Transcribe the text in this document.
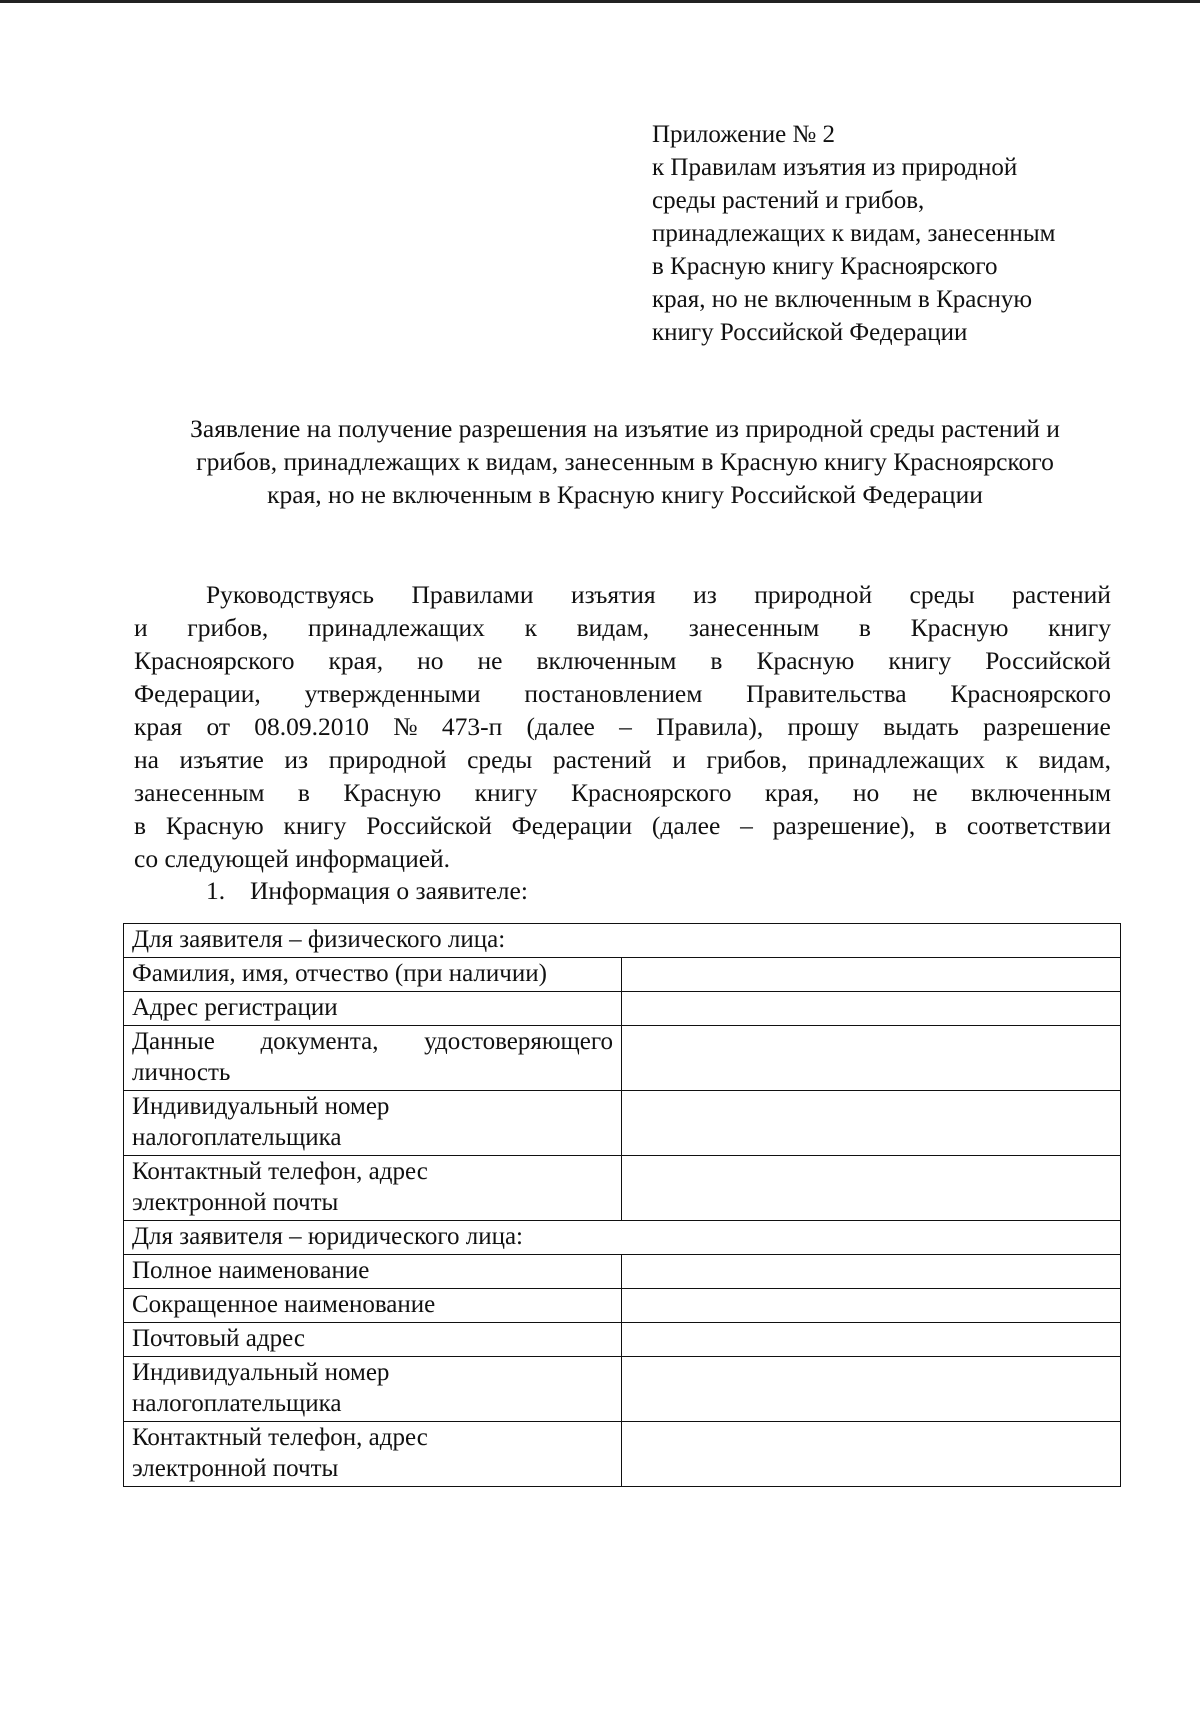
Приложение № 2
к Правилам изъятия из природной
среды растений и грибов,
принадлежащих к видам, занесенным
в Красную книгу Красноярского
края, но не включенным в Красную
книгу Российской Федерации
Заявление на получение разрешения на изъятие из природной среды растений и
грибов, принадлежащих к видам, занесенным в Красную книгу Красноярского
края, но не включенным в Красную книгу Российской Федерации
Руководствуясь Правилами изъятия из природной среды растений
и грибов, принадлежащих к видам, занесенным в Красную книгу
Красноярского края, но не включенным в Красную книгу Российской
Федерации, утвержденными постановлением Правительства Красноярского
края от 08.09.2010 № 473-п (далее – Правила), прошу выдать разрешение
на изъятие из природной среды растений и грибов, принадлежащих к видам,
занесенным в Красную книгу Красноярского края, но не включенным
в Красную книгу Российской Федерации (далее – разрешение), в соответствии
со следующей информацией.
1. Информация о заявителе:
Для заявителя – физического лица:	

Фамилия, имя, отчество (при наличии)	

Адрес регистрации	

Данные документа, удостоверяющего
личность	

Индивидуальный номер
налогоплательщика	

Контактный телефон, адрес
электронной почты	

Для заявителя – юридического лица:	

Полное наименование	

Сокращенное наименование	

Почтовый адрес	

Индивидуальный номер
налогоплательщика	

Контактный телефон, адрес
электронной почты	
